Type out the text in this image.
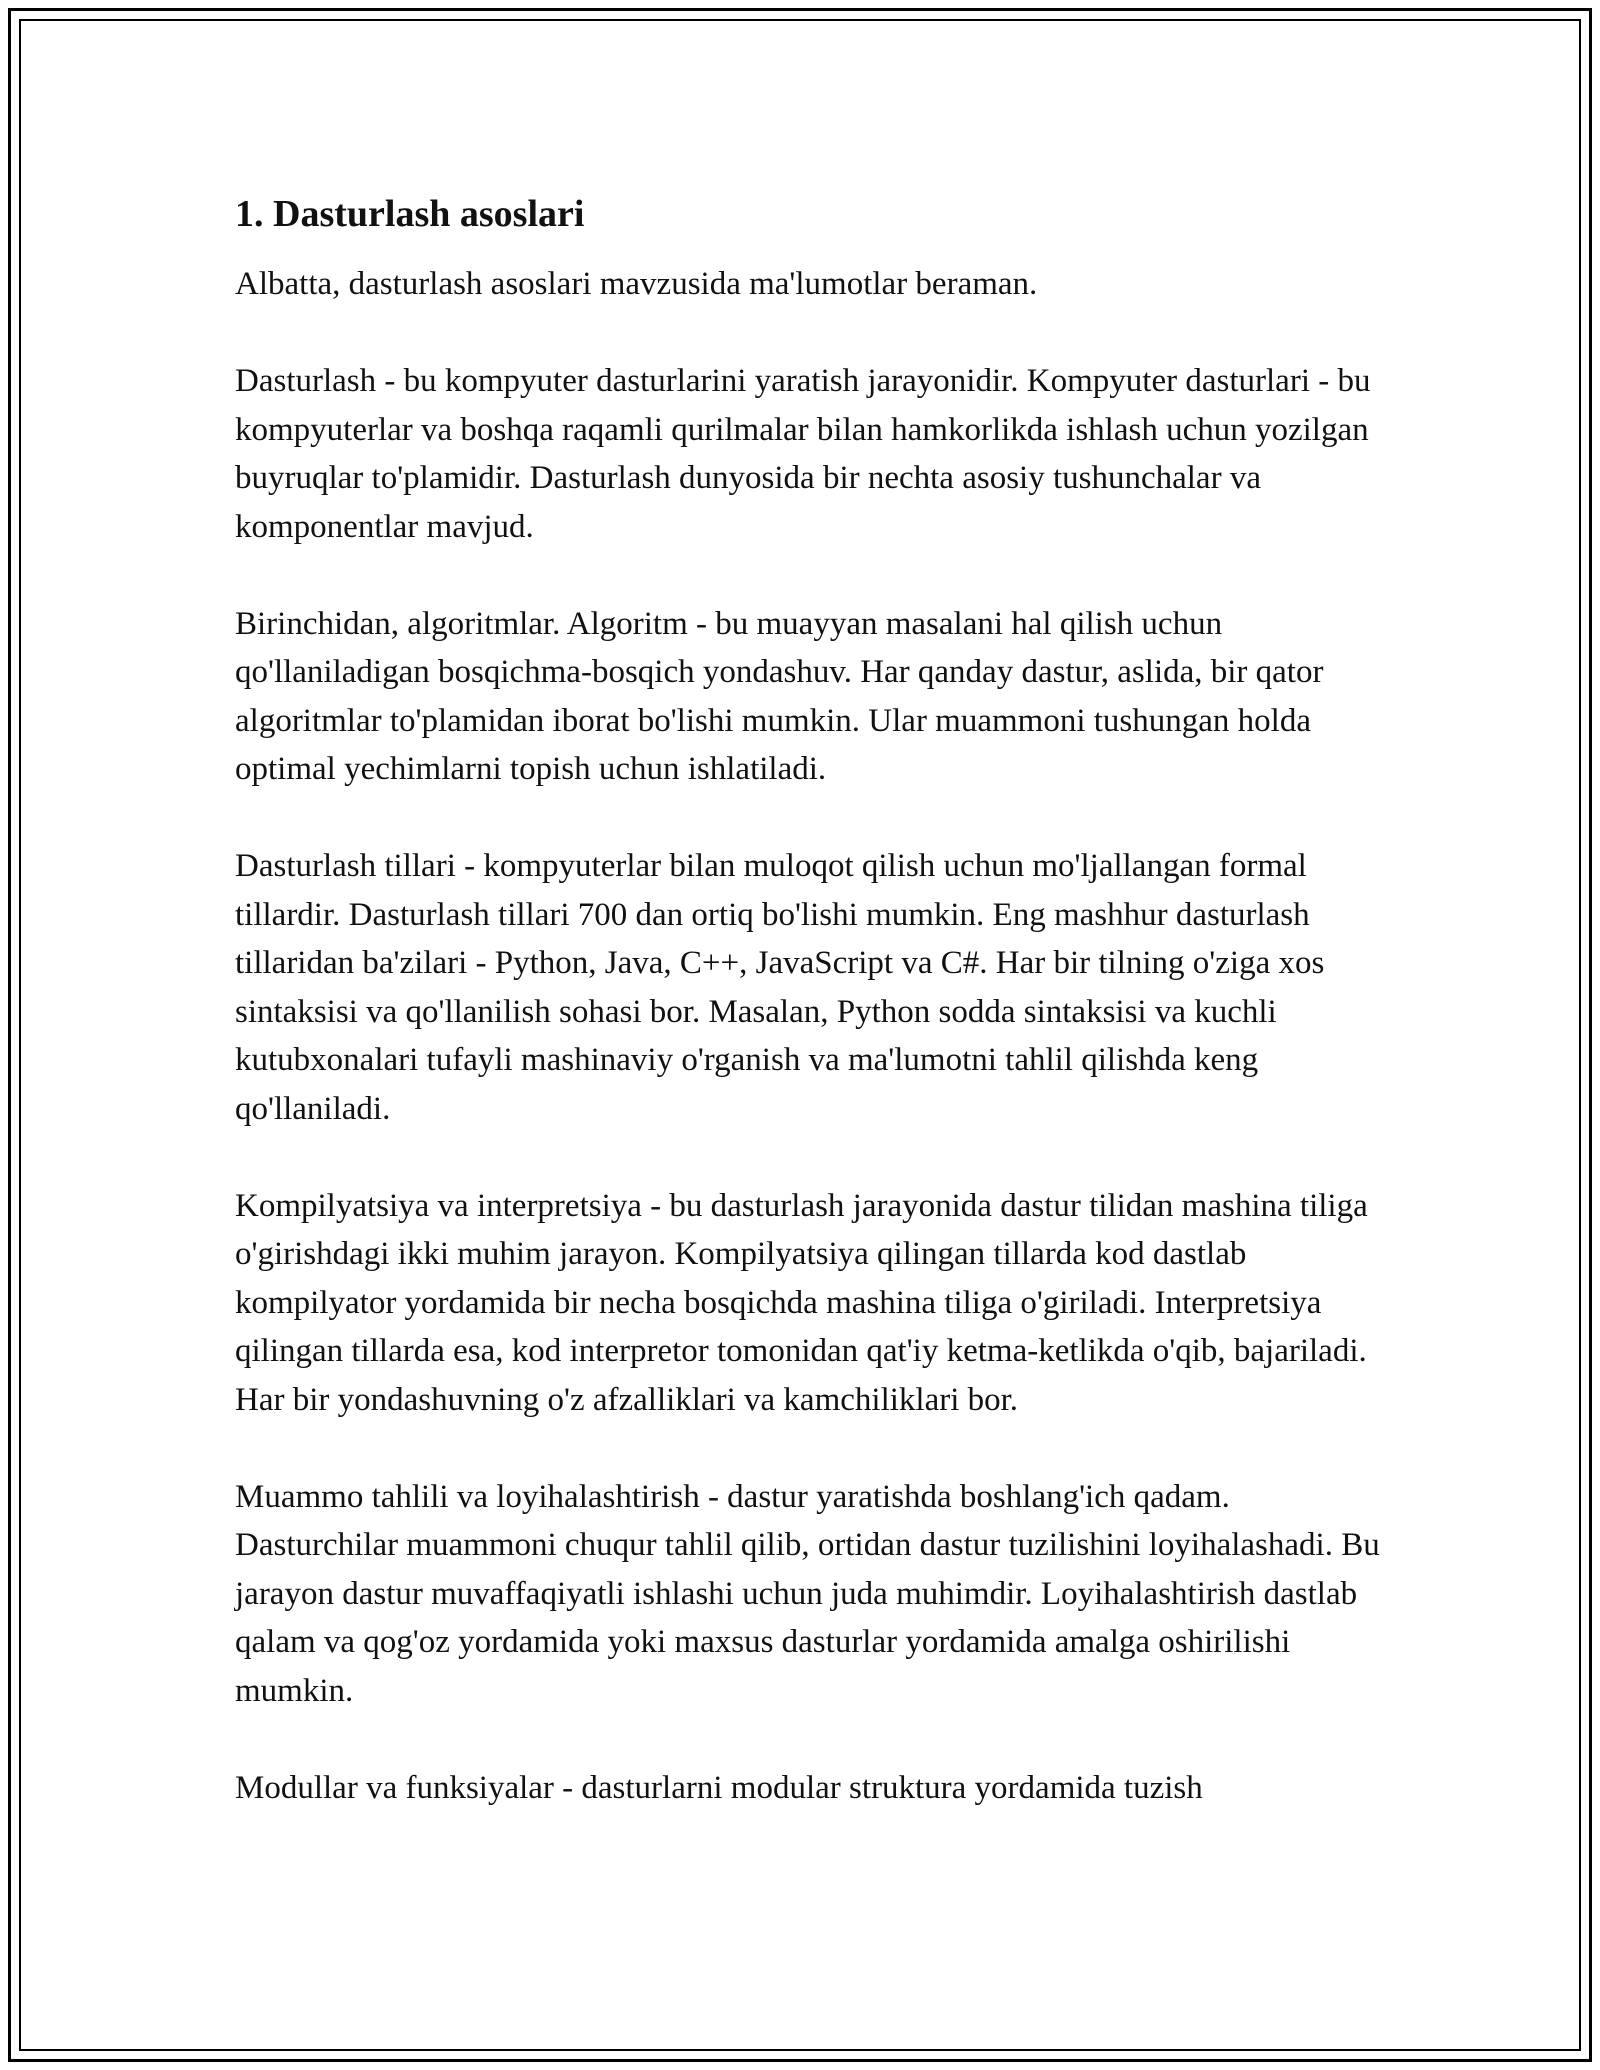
1. Dasturlash asoslari

Albatta, dasturlash asoslari mavzusida ma'lumotlar beraman.

Dasturlash - bu kompyuter dasturlarini yaratish jarayonidir. Kompyuter dasturlari - bu kompyuterlar va boshqa raqamli qurilmalar bilan hamkorlikda ishlash uchun yozilgan buyruqlar to'plamidir. Dasturlash dunyosida bir nechta asosiy tushunchalar va komponentlar mavjud.

Birinchidan, algoritmlar. Algoritm - bu muayyan masalani hal qilish uchun qo'llaniladigan bosqichma-bosqich yondashuv. Har qanday dastur, aslida, bir qator algoritmlar to'plamidan iborat bo'lishi mumkin. Ular muammoni tushungan holda optimal yechimlarni topish uchun ishlatiladi.

Dasturlash tillari - kompyuterlar bilan muloqot qilish uchun mo'ljallangan formal tillardir. Dasturlash tillari 700 dan ortiq bo'lishi mumkin. Eng mashhur dasturlash tillaridan ba'zilari - Python, Java, C++, JavaScript va C#. Har bir tilning o'ziga xos sintaksisi va qo'llanilish sohasi bor. Masalan, Python sodda sintaksisi va kuchli kutubxonalari tufayli mashinaviy o'rganish va ma'lumotni tahlil qilishda keng qo'llaniladi.

Kompilyatsiya va interpretsiya - bu dasturlash jarayonida dastur tilidan mashina tiliga o'girishdagi ikki muhim jarayon. Kompilyatsiya qilingan tillarda kod dastlab kompilyator yordamida bir necha bosqichda mashina tiliga o'giriladi. Interpretsiya qilingan tillarda esa, kod interpretor tomonidan qat'iy ketma-ketlikda o'qib, bajariladi. Har bir yondashuvning o'z afzalliklari va kamchiliklari bor.

Muammo tahlili va loyihalashtirish - dastur yaratishda boshlang'ich qadam. Dasturchilar muammoni chuqur tahlil qilib, ortidan dastur tuzilishini loyihalashadi. Bu jarayon dastur muvaffaqiyatli ishlashi uchun juda muhimdir. Loyihalashtirish dastlab qalam va qog'oz yordamida yoki maxsus dasturlar yordamida amalga oshirilishi mumkin.

Modullar va funksiyalar - dasturlarni modular struktura yordamida tuzish
